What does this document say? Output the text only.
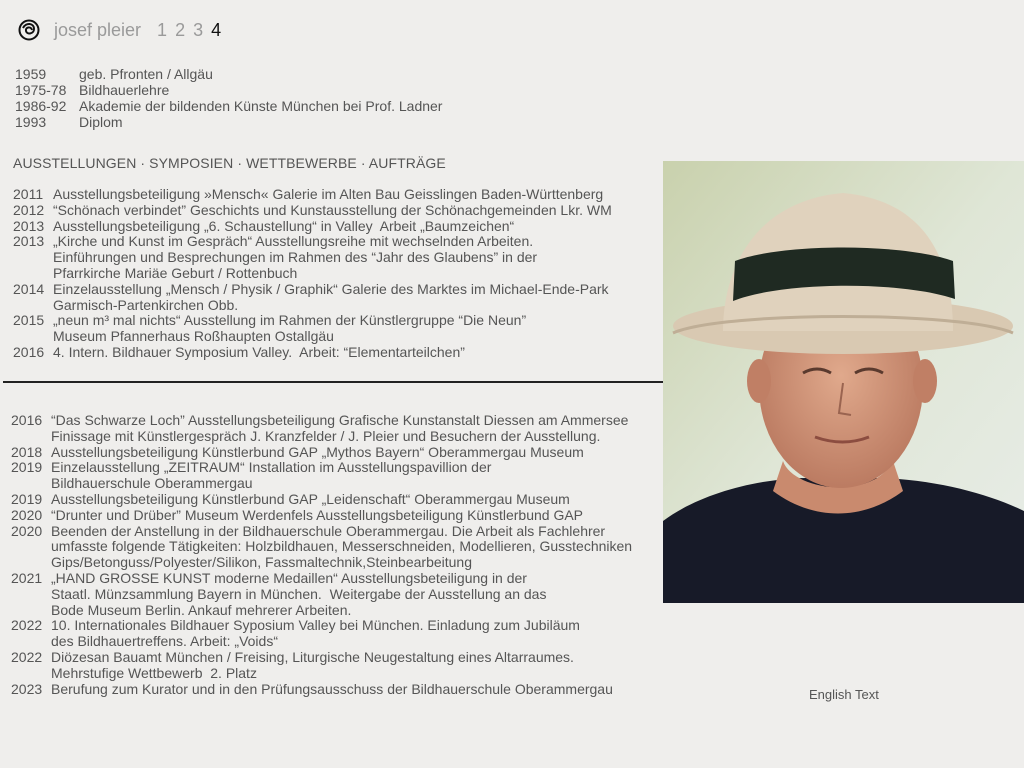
josef pleier 1 2 3 4
1959	geb. Pfronten / Allgäu
1975-78 Bildhauerlehre
1986-92 Akademie der bildenden Künste München bei Prof. Ladner
1993	Diplom
AUSSTELLUNGEN · SYMPOSIEN · WETTBEWERBE · AUFTRÄGE
2011 Ausstellungsbeteiligung »Mensch« Galerie im Alten Bau Geisslingen Baden-Württenberg
2012 “Schönach verbindet” Geschichts und Kunstausstellung der Schönachgemeinden Lkr. WM
2013 Ausstellungsbeteiligung „6. Schaustellung“ in Valley  Arbeit „Baumzeichen“
2013 „Kirche und Kunst im Gespräch“ Ausstellungsreihe mit wechselnden Arbeiten.
Einführungen und Besprechungen im Rahmen des “Jahr des Glaubens” in der
Pfarrkirche Mariäe Geburt / Rottenbuch
2014 Einzelausstellung „Mensch / Physik / Graphik“ Galerie des Marktes im Michael-Ende-Park
Garmisch-Partenkirchen Obb.
2015 „neun m³ mal nichts“ Ausstellung im Rahmen der Künstlergruppe “Die Neun”
Museum Pfannerhaus Roßhaupten Ostallgäu
2016 4. Intern. Bildhauer Symposium Valley.  Arbeit: “Elementarteilchen”
2016 “Das Schwarze Loch” Ausstellungsbeteiligung Grafische Kunstanstalt Diessen am Ammersee
Finissage mit Künstlergespräch J. Kranzfelder / J. Pleier und Besuchern der Ausstellung.
2018 Ausstellungsbeteiligung Künstlerbund GAP „Mythos Bayern“ Oberammergau Museum
2019 Einzelausstellung „ZEITRAUM“ Installation im Ausstellungspavillion der
Bildhauerschule Oberammergau
2019 Ausstellungsbeteiligung Künstlerbund GAP „Leidenschaft“ Oberammergau Museum
2020 “Drunter und Drüber” Museum Werdenfels Ausstellungsbeteiligung Künstlerbund GAP
2020 Beenden der Anstellung in der Bildhauerschule Oberammergau. Die Arbeit als Fachlehrer
umfasste folgende Tätigkeiten: Holzbildhauen, Messerschneiden, Modellieren, Gusstechniken
Gips/Betonguss/Polyester/Silikon, Fassmaltechnik,Steinbearbeitung
2021 „HAND GROSSE KUNST moderne Medaillen“ Ausstellungsbeteiligung in der
Staatl. Münzsammlung Bayern in München.  Weitergabe der Ausstellung an das
Bode Museum Berlin. Ankauf mehrerer Arbeiten.
2022 10. Internationales Bildhauer Syposium Valley bei München. Einladung zum Jubiläum
des Bildhauertreffens. Arbeit: „Voids“
2022 Diözesan Bauamt München / Freising, Liturgische Neugestaltung eines Altarraumes.
Mehrstufige Wettbewerb  2. Platz
2023 Berufung zum Kurator und in den Prüfungsausschuss der Bildhauerschule Oberammergau	English Text
